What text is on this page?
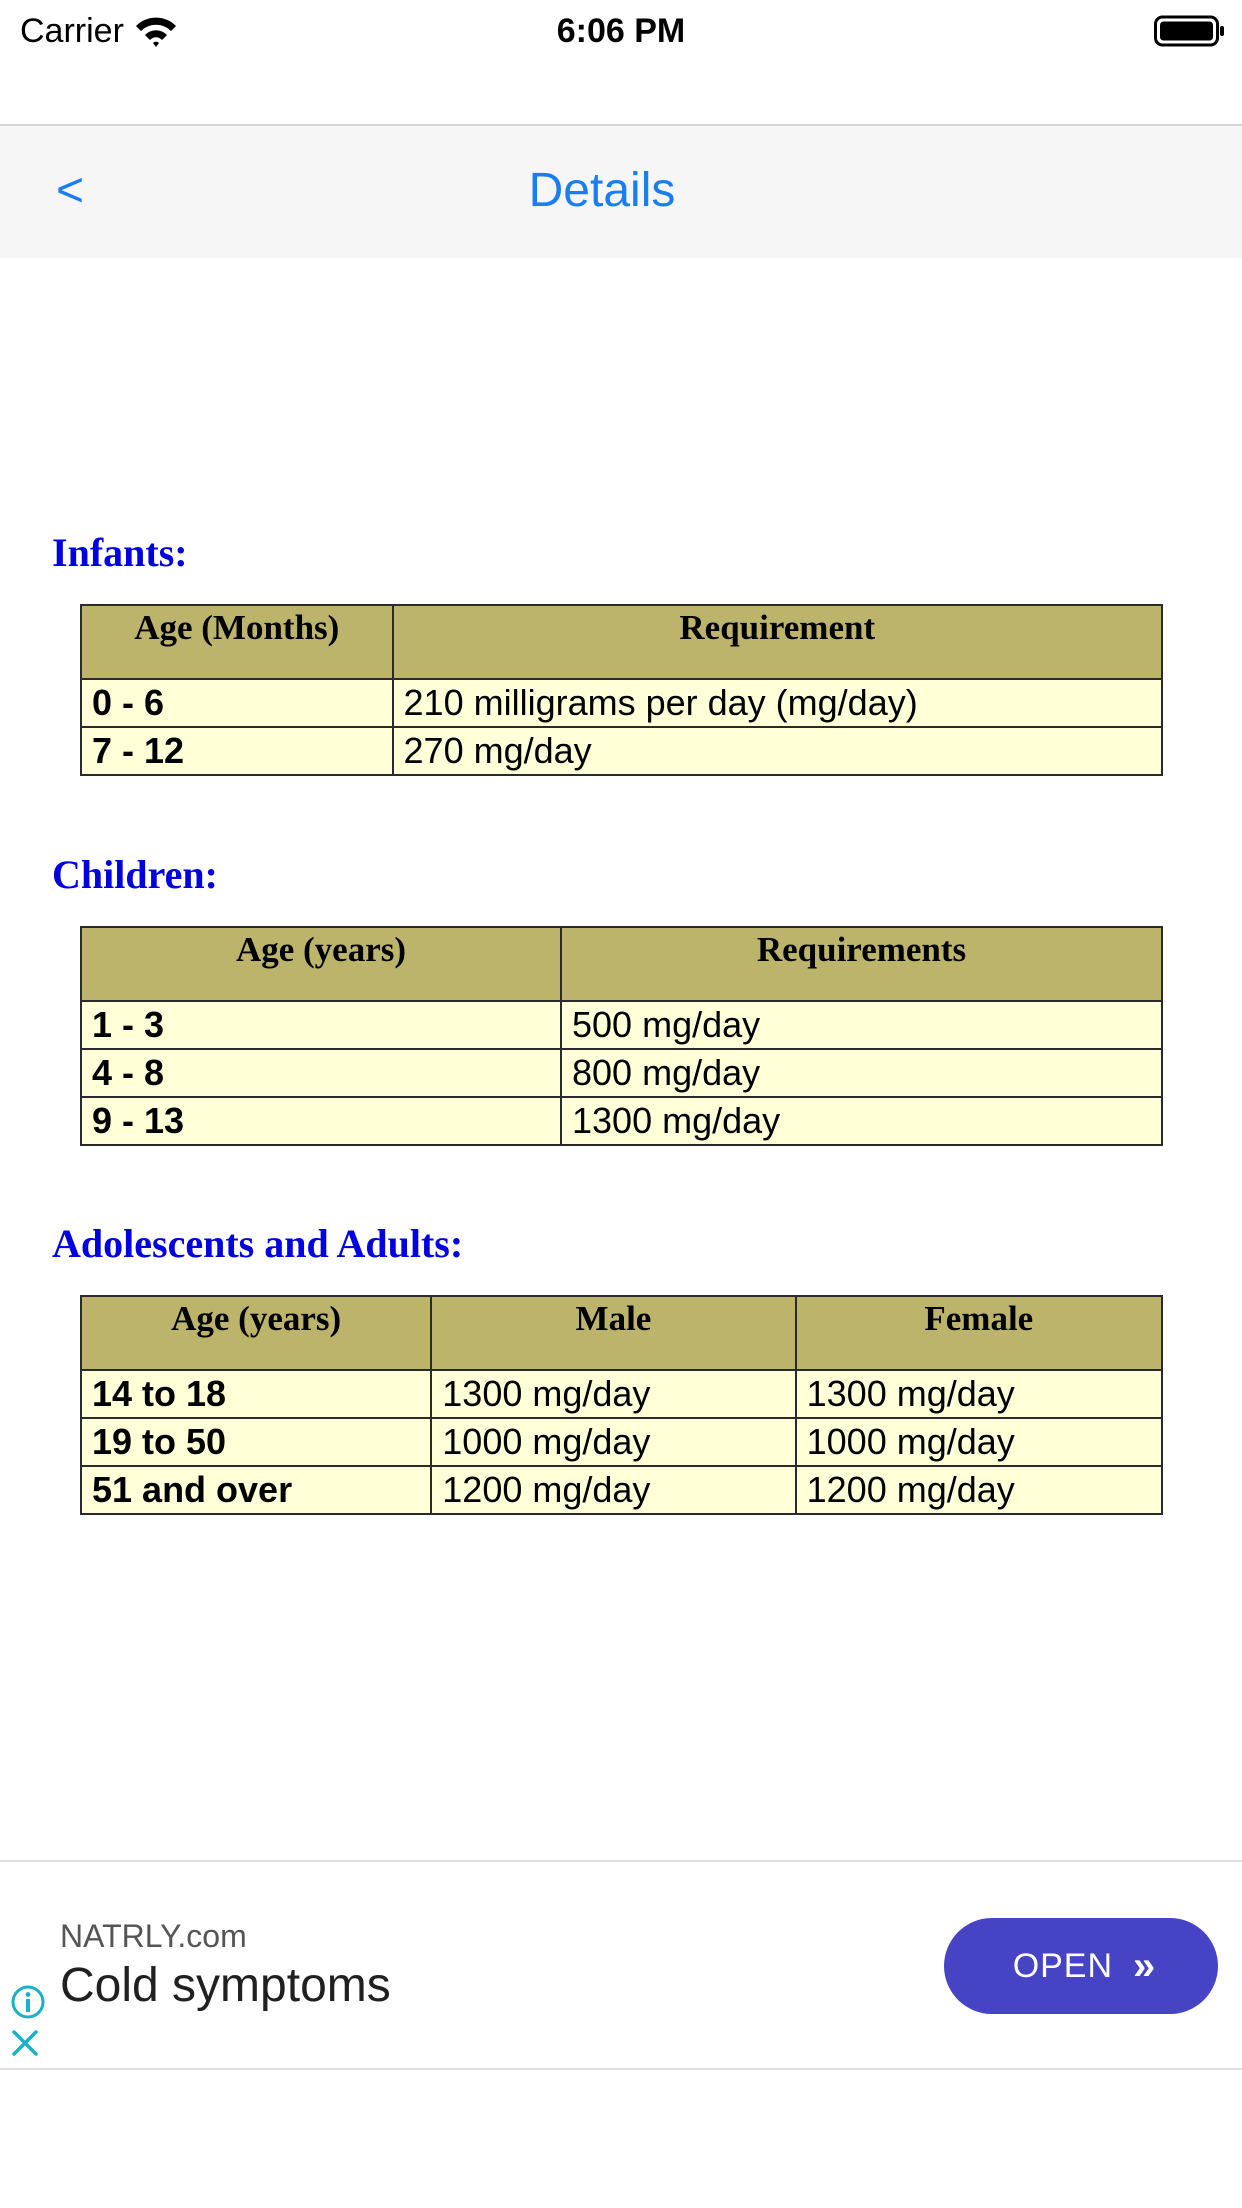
Carrier	6:06 PM
<	Details
Infants:
Age (Months)	Requirement
0 - 6	210 milligrams per day (mg/day)
7 - 12	270 mg/day
Children:
Age (years)	Requirements
1 - 3	500 mg/day
4 - 8	800 mg/day
9 - 13	1300 mg/day
Adolescents and Adults:
Age (years)	Male	Female
14 to 18	1300 mg/day	1300 mg/day
19 to 50	1000 mg/day	1000 mg/day
51 and over	1200 mg/day	1200 mg/day
NATRLY.com
Cold symptoms	OPEN »
